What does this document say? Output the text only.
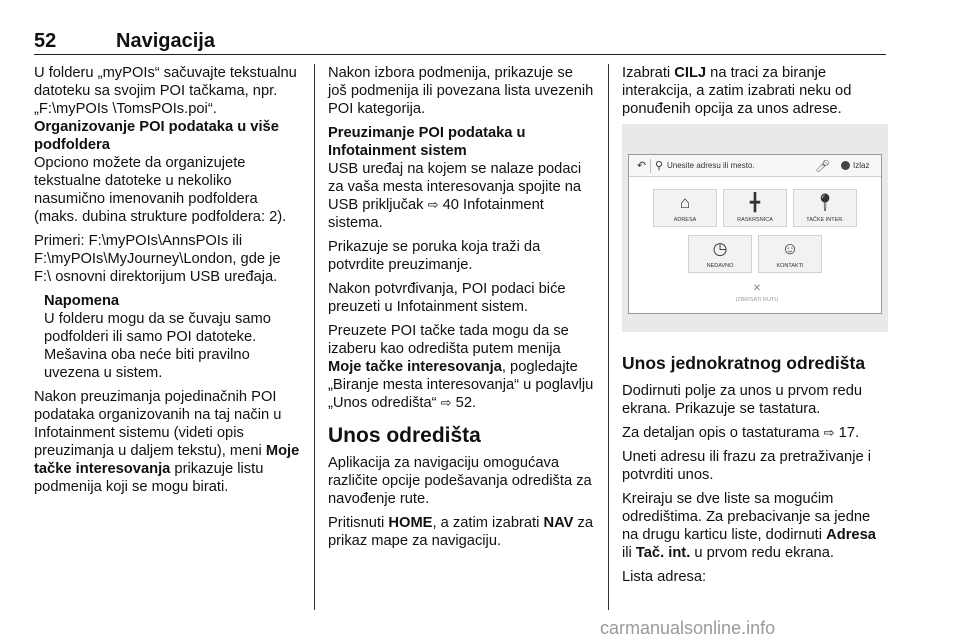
52	Navigacija

U folderu „myPOIs“ sačuvajte tekstualnu datoteku sa svojim POI tačkama, npr. „F:\myPOIs \TomsPOIs.poi“.

Organizovanje POI podataka u više podfoldera

Opciono možete da organizujete tekstualne datoteke u nekoliko nasumično imenovanih podfoldera (maks. dubina strukture podfoldera: 2).

Primeri: F:\myPOIs\AnnsPOIs ili F:\myPOIs\MyJourney\London, gde je F:\ osnovni direktorijum USB uređaja.

Napomena
U folderu mogu da se čuvaju samo podfolderi ili samo POI datoteke. Mešavina oba neće biti pravilno uvezena u sistem.

Nakon preuzimanja pojedinačnih POI podataka organizovanih na taj način u Infotainment sistemu (videti opis preuzimanja u daljem tekstu), meni Moje tačke interesovanja prikazuje listu podmenija koji se mogu birati.

Nakon izbora podmenija, prikazuje se još podmenija ili povezana lista uvezenih POI kategorija.

Preuzimanje POI podataka u Infotainment sistem

USB uređaj na kojem se nalaze podaci za vaša mesta interesovanja spojite na USB priključak ⇨ 40 Infotainment sistema.

Prikazuje se poruka koja traži da potvrdite preuzimanje.

Nakon potvrđivanja, POI podaci biće preuzeti u Infotainment sistem.

Preuzete POI tačke tada mogu da se izaberu kao odredišta putem menija Moje tačke interesovanja, pogledajte „Biranje mesta interesovanja“ u poglavlju „Unos odredišta“ ⇨ 52.

Unos odredišta

Aplikacija za navigaciju omogućava različite opcije podešavanja odredišta za navođenje rute.

Pritisnuti HOME, a zatim izabrati NAV za prikaz mape za navigaciju.

Izabrati CILJ na traci za biranje interakcija, a zatim izabrati neku od ponuđenih opcija za unos adrese.

↶ ⚲ Unesite adresu ili mesto.	🎤︎	Izlaz
⌂
ADRESA
╋
RASKRSNICA
📍︎
TAČKE INTER.
◷
NEDAVNO
☺
KONTAKTI
✕
IZBRISATI RUTU
Unos jednokratnog odredišta

Dodirnuti polje za unos u prvom redu ekrana. Prikazuje se tastatura.

Za detaljan opis o tastaturama ⇨ 17.

Uneti adresu ili frazu za pretraživanje i potvrditi unos.

Kreiraju se dve liste sa mogućim odredištima. Za prebacivanje sa jedne na drugu karticu liste, dodirnuti Adresa ili Tač. int. u prvom redu ekrana.

Lista adresa:

carmanualsonline.info
